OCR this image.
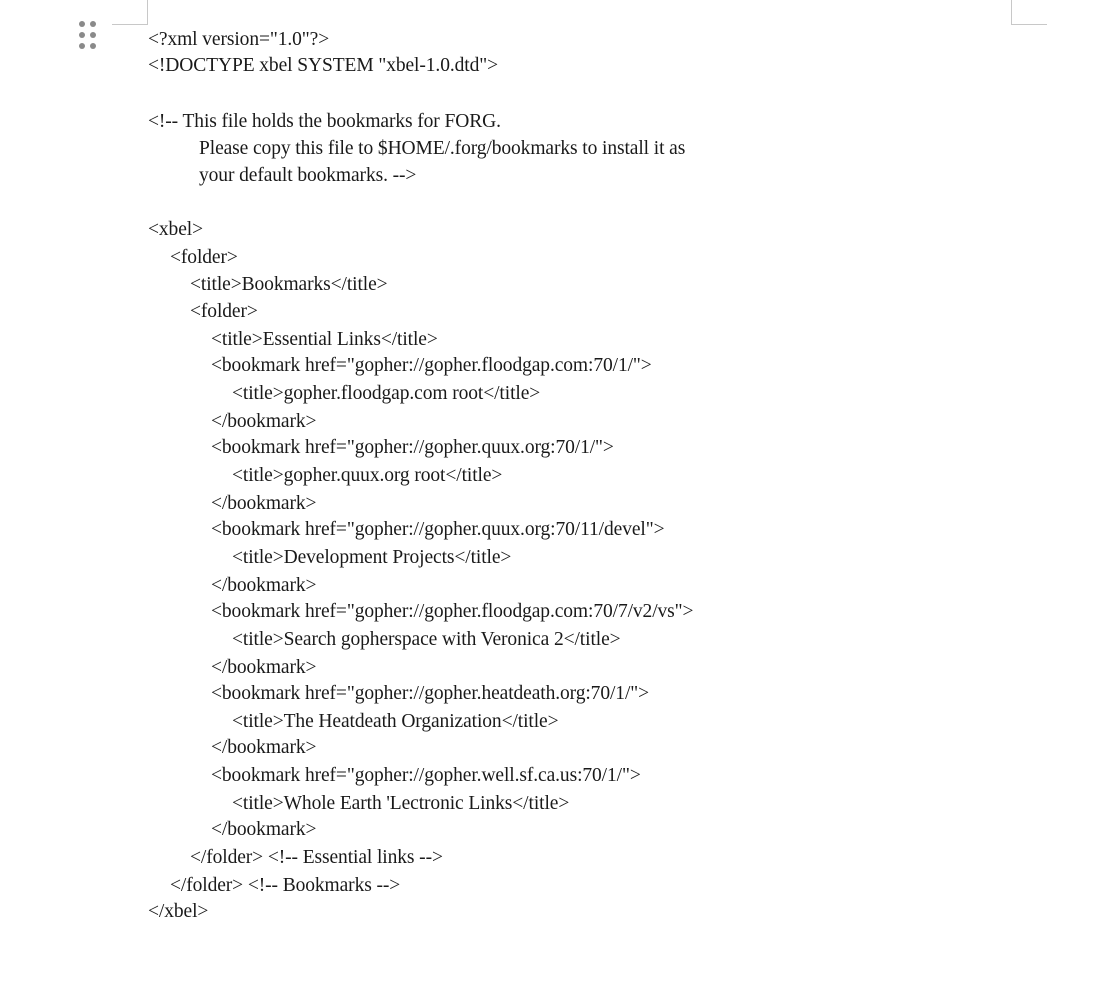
<?xml version="1.0"?>
<!DOCTYPE xbel SYSTEM "xbel-1.0.dtd">
<!-- This file holds the bookmarks for FORG.
Please copy this file to $HOME/.forg/bookmarks to install it as
your default bookmarks. -->
<xbel>
<folder>
<title>Bookmarks</title>
<folder>
<title>Essential Links</title>
<bookmark href="gopher://gopher.floodgap.com:70/1/">
<title>gopher.floodgap.com root</title>
</bookmark>
<bookmark href="gopher://gopher.quux.org:70/1/">
<title>gopher.quux.org root</title>
</bookmark>
<bookmark href="gopher://gopher.quux.org:70/11/devel">
<title>Development Projects</title>
</bookmark>
<bookmark href="gopher://gopher.floodgap.com:70/7/v2/vs">
<title>Search gopherspace with Veronica 2</title>
</bookmark>
<bookmark href="gopher://gopher.heatdeath.org:70/1/">
<title>The Heatdeath Organization</title>
</bookmark>
<bookmark href="gopher://gopher.well.sf.ca.us:70/1/">
<title>Whole Earth 'Lectronic Links</title>
</bookmark>
</folder> <!-- Essential links -->
</folder> <!-- Bookmarks -->
</xbel>
